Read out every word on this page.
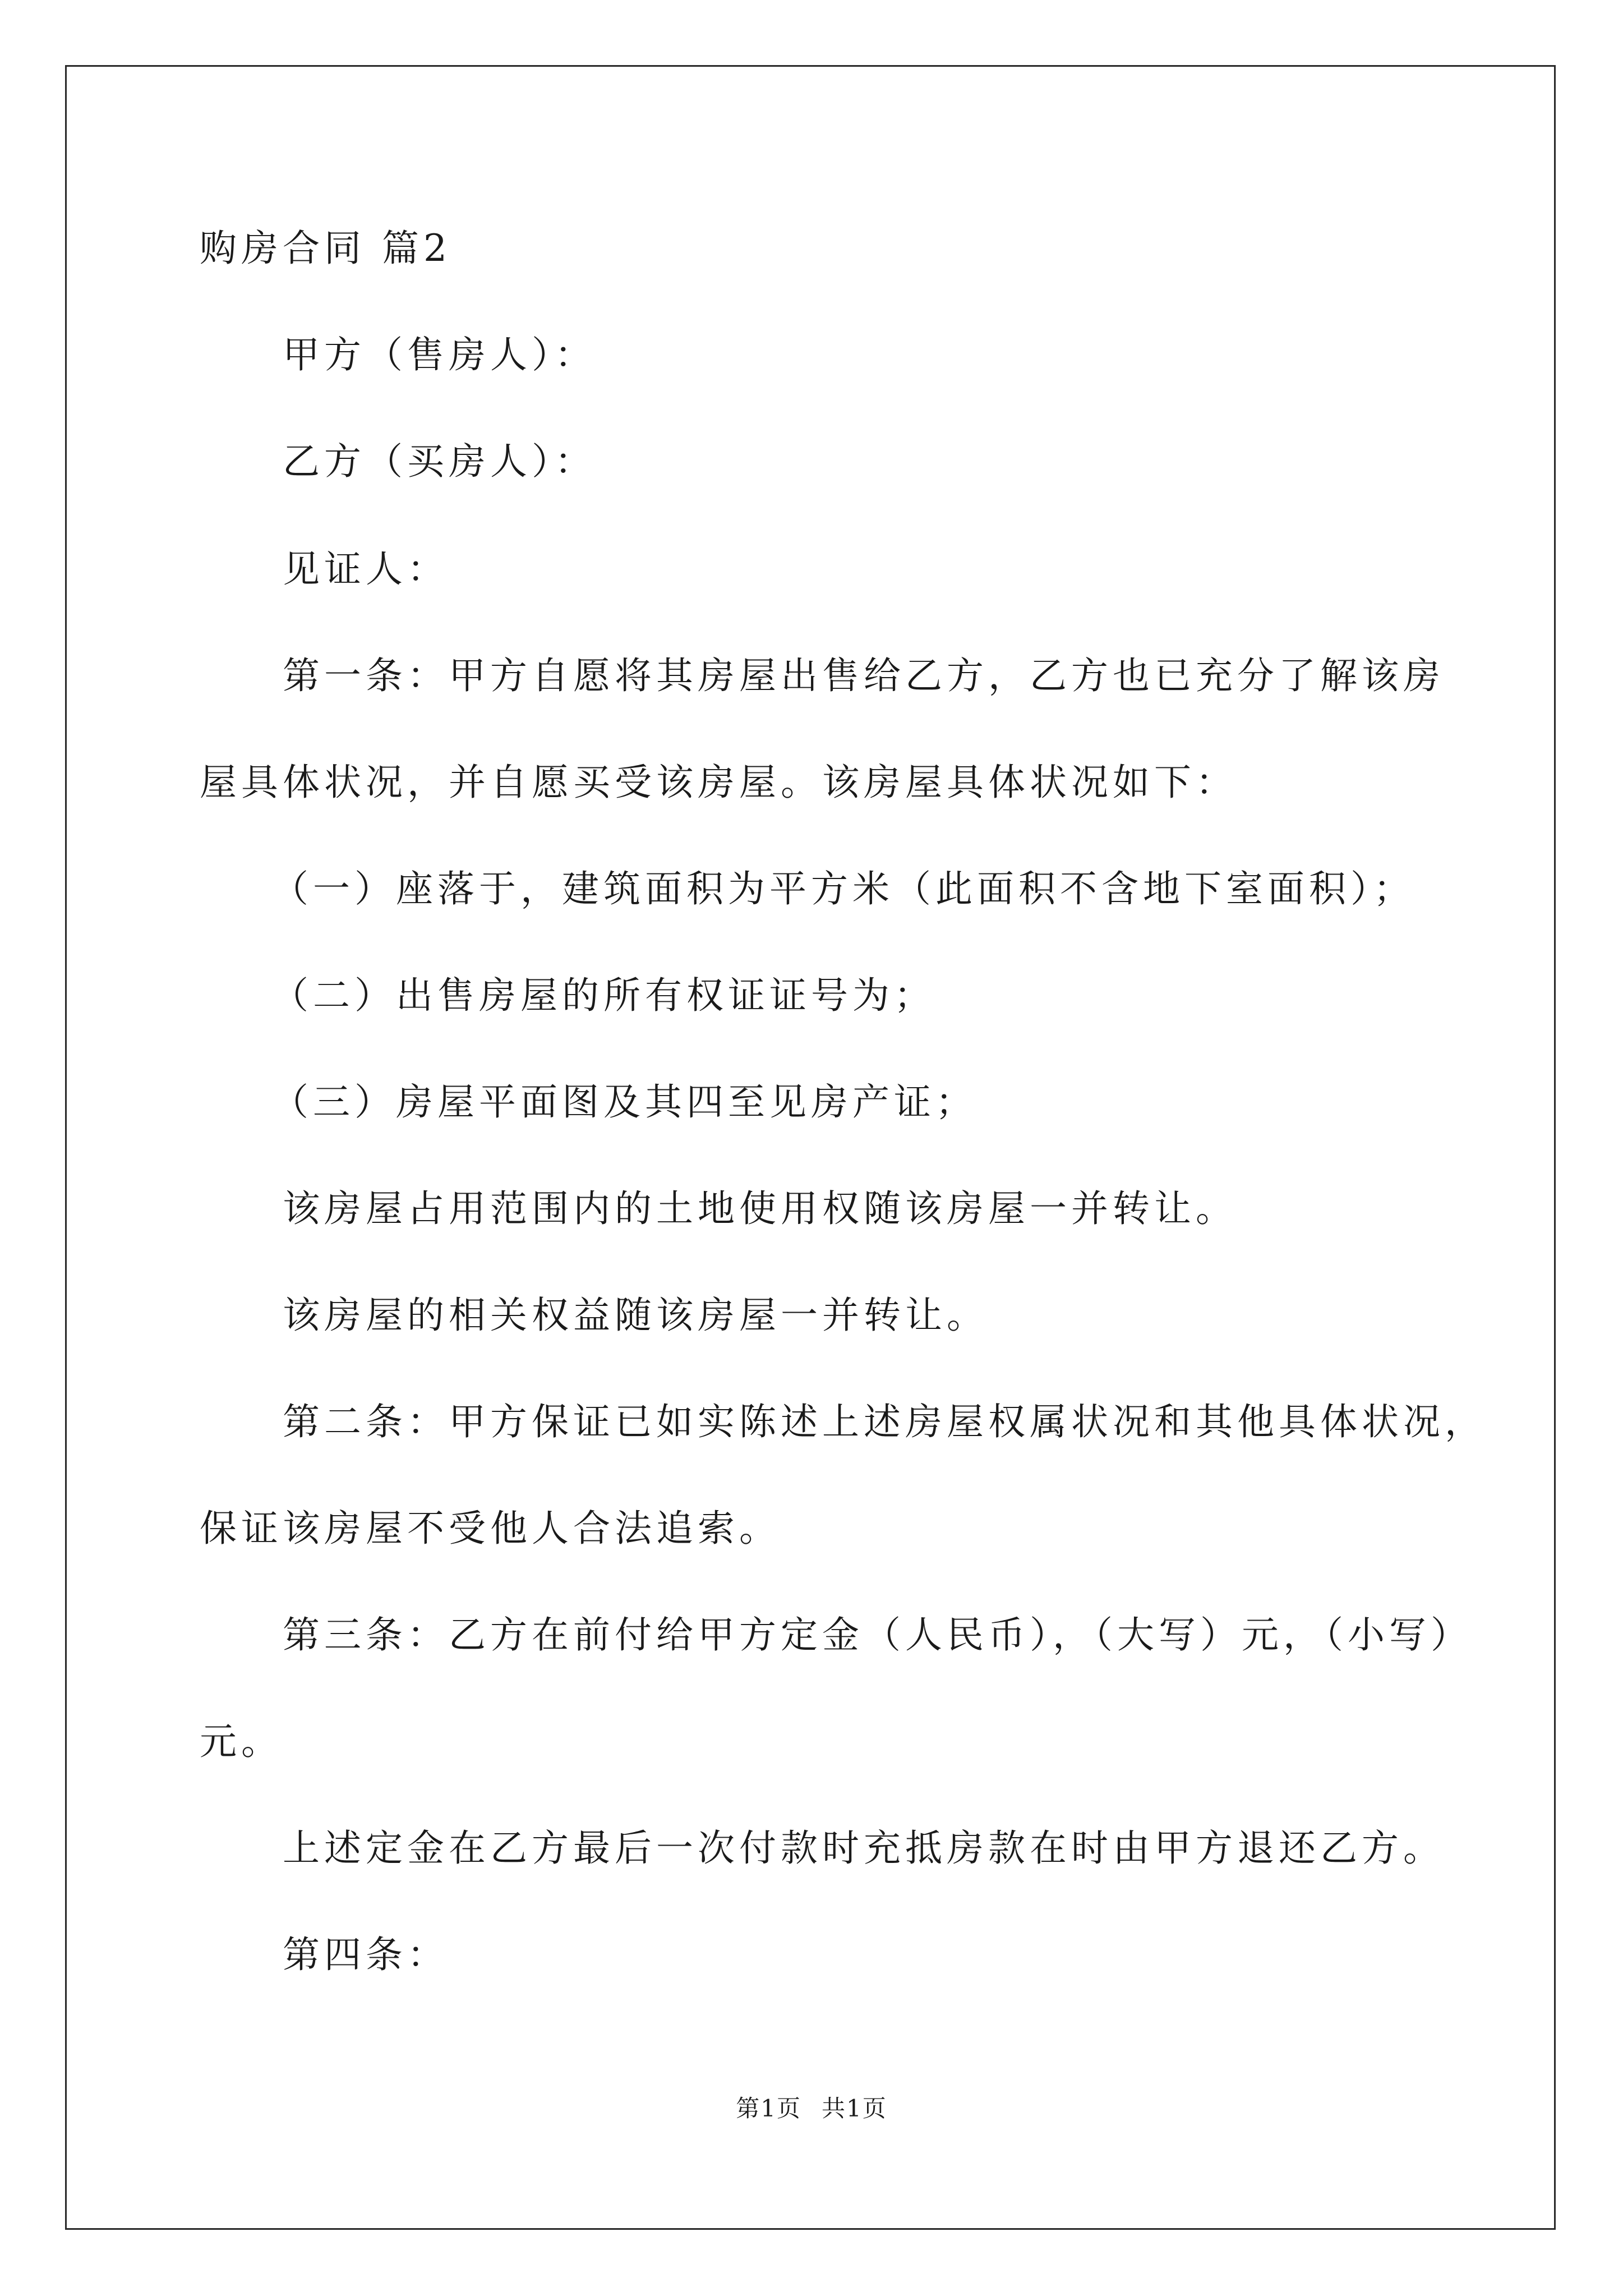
购房合同 篇2
甲方（售房人）：
乙方（买房人）：
见证人：
第一条：甲方自愿将其房屋出售给乙方，乙方也已充分了解该房
屋具体状况，并自愿买受该房屋。该房屋具体状况如下：
（一）座落于，建筑面积为平方米（此面积不含地下室面积）；
（二）出售房屋的所有权证证号为；
（三）房屋平面图及其四至见房产证；
该房屋占用范围内的土地使用权随该房屋一并转让。
该房屋的相关权益随该房屋一并转让。
第二条：甲方保证已如实陈述上述房屋权属状况和其他具体状况，
保证该房屋不受他人合法追索。
第三条：乙方在前付给甲方定金（人民币），（大写）元，（小写）
元。
上述定金在乙方最后一次付款时充抵房款在时由甲方退还乙方。
第四条：
第1页 共1页
